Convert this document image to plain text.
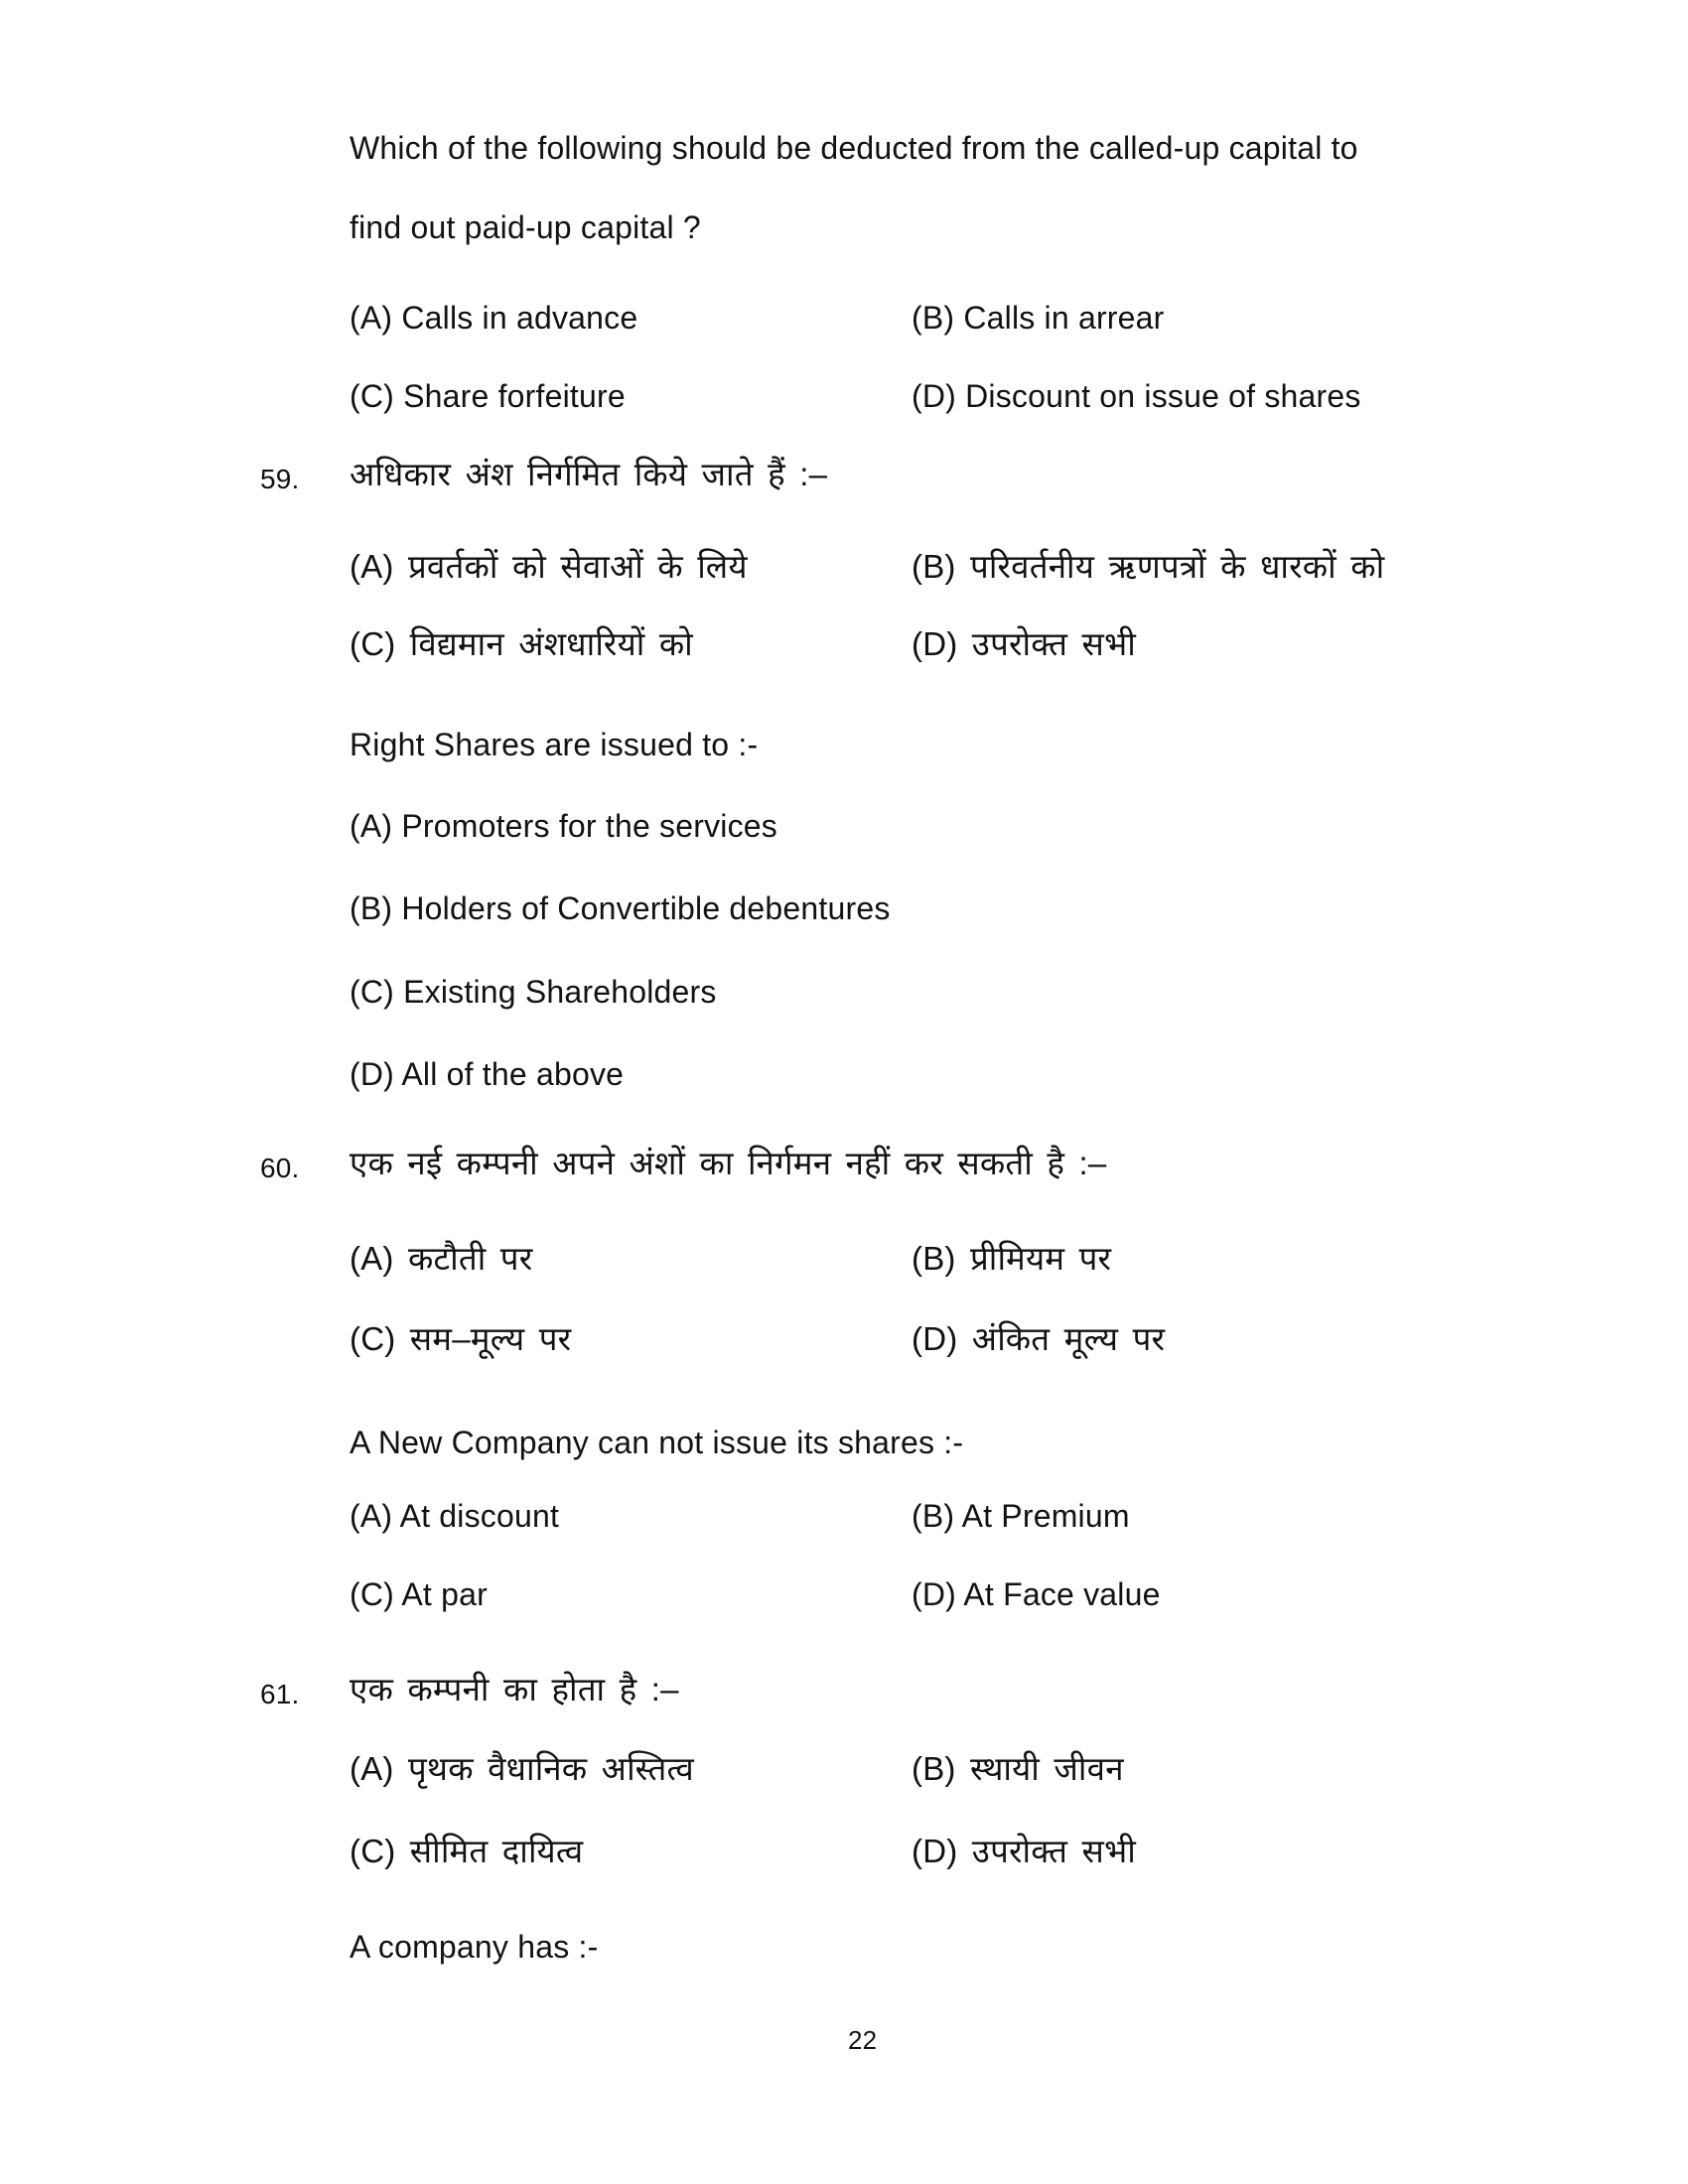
Which of the following should be deducted from the called-up capital to
find out paid-up capital ?
(A) Calls in advance	(B) Calls in arrear
(C) Share forfeiture	(D) Discount on issue of shares
59. अधिकार अंश निर्गमित किये जाते हैं :–
(A) प्रवर्तकों को सेवाओं के लिये	(B) परिवर्तनीय ऋणपत्रों के धारकों को
(C) विद्यमान अंशधारियों को	(D) उपरोक्त सभी
Right Shares are issued to :-
(A) Promoters for the services
(B) Holders of Convertible debentures
(C) Existing Shareholders
(D) All of the above
60. एक नई कम्पनी अपने अंशों का निर्गमन नहीं कर सकती है :–
(A) कटौती पर	(B) प्रीमियम पर
(C) सम–मूल्य पर	(D) अंकित मूल्य पर
A New Company can not issue its shares :-
(A) At discount	(B) At Premium
(C) At par	(D) At Face value
61. एक कम्पनी का होता है :–
(A) पृथक वैधानिक अस्तित्व	(B) स्थायी जीवन
(C) सीमित दायित्व	(D) उपरोक्त सभी
A company has :-
22
